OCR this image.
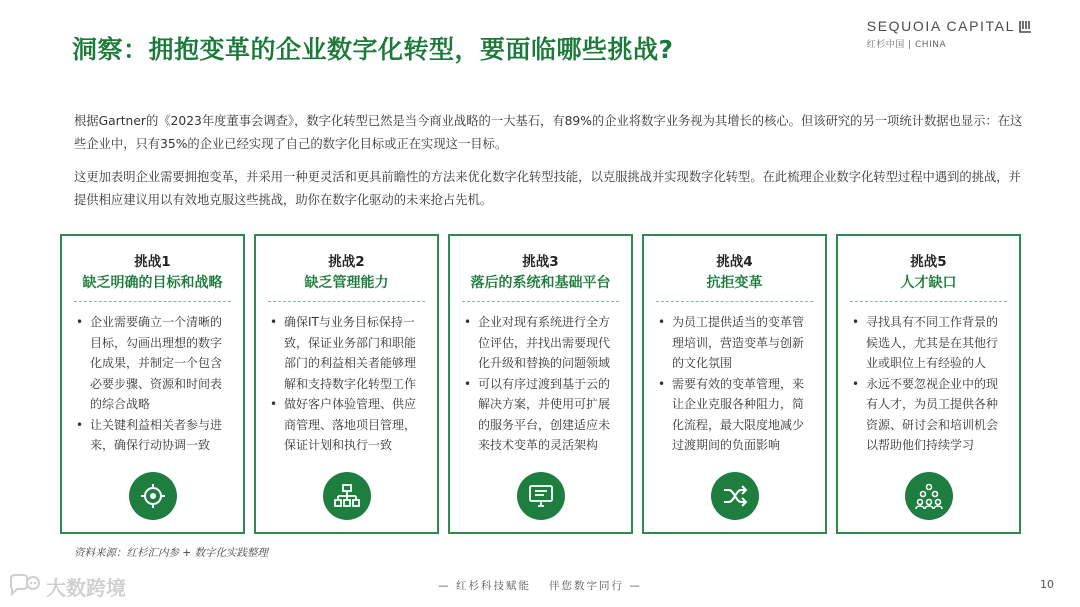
洞察：拥抱变革的企业数字化转型，要面临哪些挑战?
SEQUOIA CAPITAL
红杉中国 | CHINA

根据Gartner的《2023年度董事会调查》，数字化转型已然是当今商业战略的一大基石，有89%的企业将数字业务视为其增长的核心。但该研究的另一项统计数据也显示：在这些企业中，只有35%的企业已经实现了自己的数字化目标或正在实现这一目标。

这更加表明企业需要拥抱变革，并采用一种更灵活和更具前瞻性的方法来优化数字化转型技能，以克服挑战并实现数字化转型。在此梳理企业数字化转型过程中遇到的挑战，并提供相应建议用以有效地克服这些挑战，助你在数字化驱动的未来抢占先机。

挑战1
缺乏明确的目标和战略
• 企业需要确立一个清晰的目标，勾画出理想的数字化成果，并制定一个包含必要步骤、资源和时间表的综合战略
• 让关键利益相关者参与进来，确保行动协调一致
挑战2
缺乏管理能力
• 确保IT与业务目标保持一致，保证业务部门和职能部门的利益相关者能够理解和支持数字化转型工作
• 做好客户体验管理、供应商管理、落地项目管理，保证计划和执行一致
挑战3
落后的系统和基础平台
• 企业对现有系统进行全方位评估，并找出需要现代化升级和替换的问题领域
• 可以有序过渡到基于云的解决方案，并使用可扩展的服务平台，创建适应未来技术变革的灵活架构
挑战4
抗拒变革
• 为员工提供适当的变革管理培训，营造变革与创新的文化氛围
• 需要有效的变革管理，来让企业克服各种阻力，简化流程，最大限度地减少过渡期间的负面影响
挑战5
人才缺口
• 寻找具有不同工作背景的候选人，尤其是在其他行业或职位上有经验的人
• 永远不要忽视企业中的现有人才，为员工提供各种资源、研讨会和培训机会以帮助他们持续学习
资料来源：红杉汇内参 + 数字化实践整理
— 红杉科技赋能 伴您数字同行 —	10
大数跨境
